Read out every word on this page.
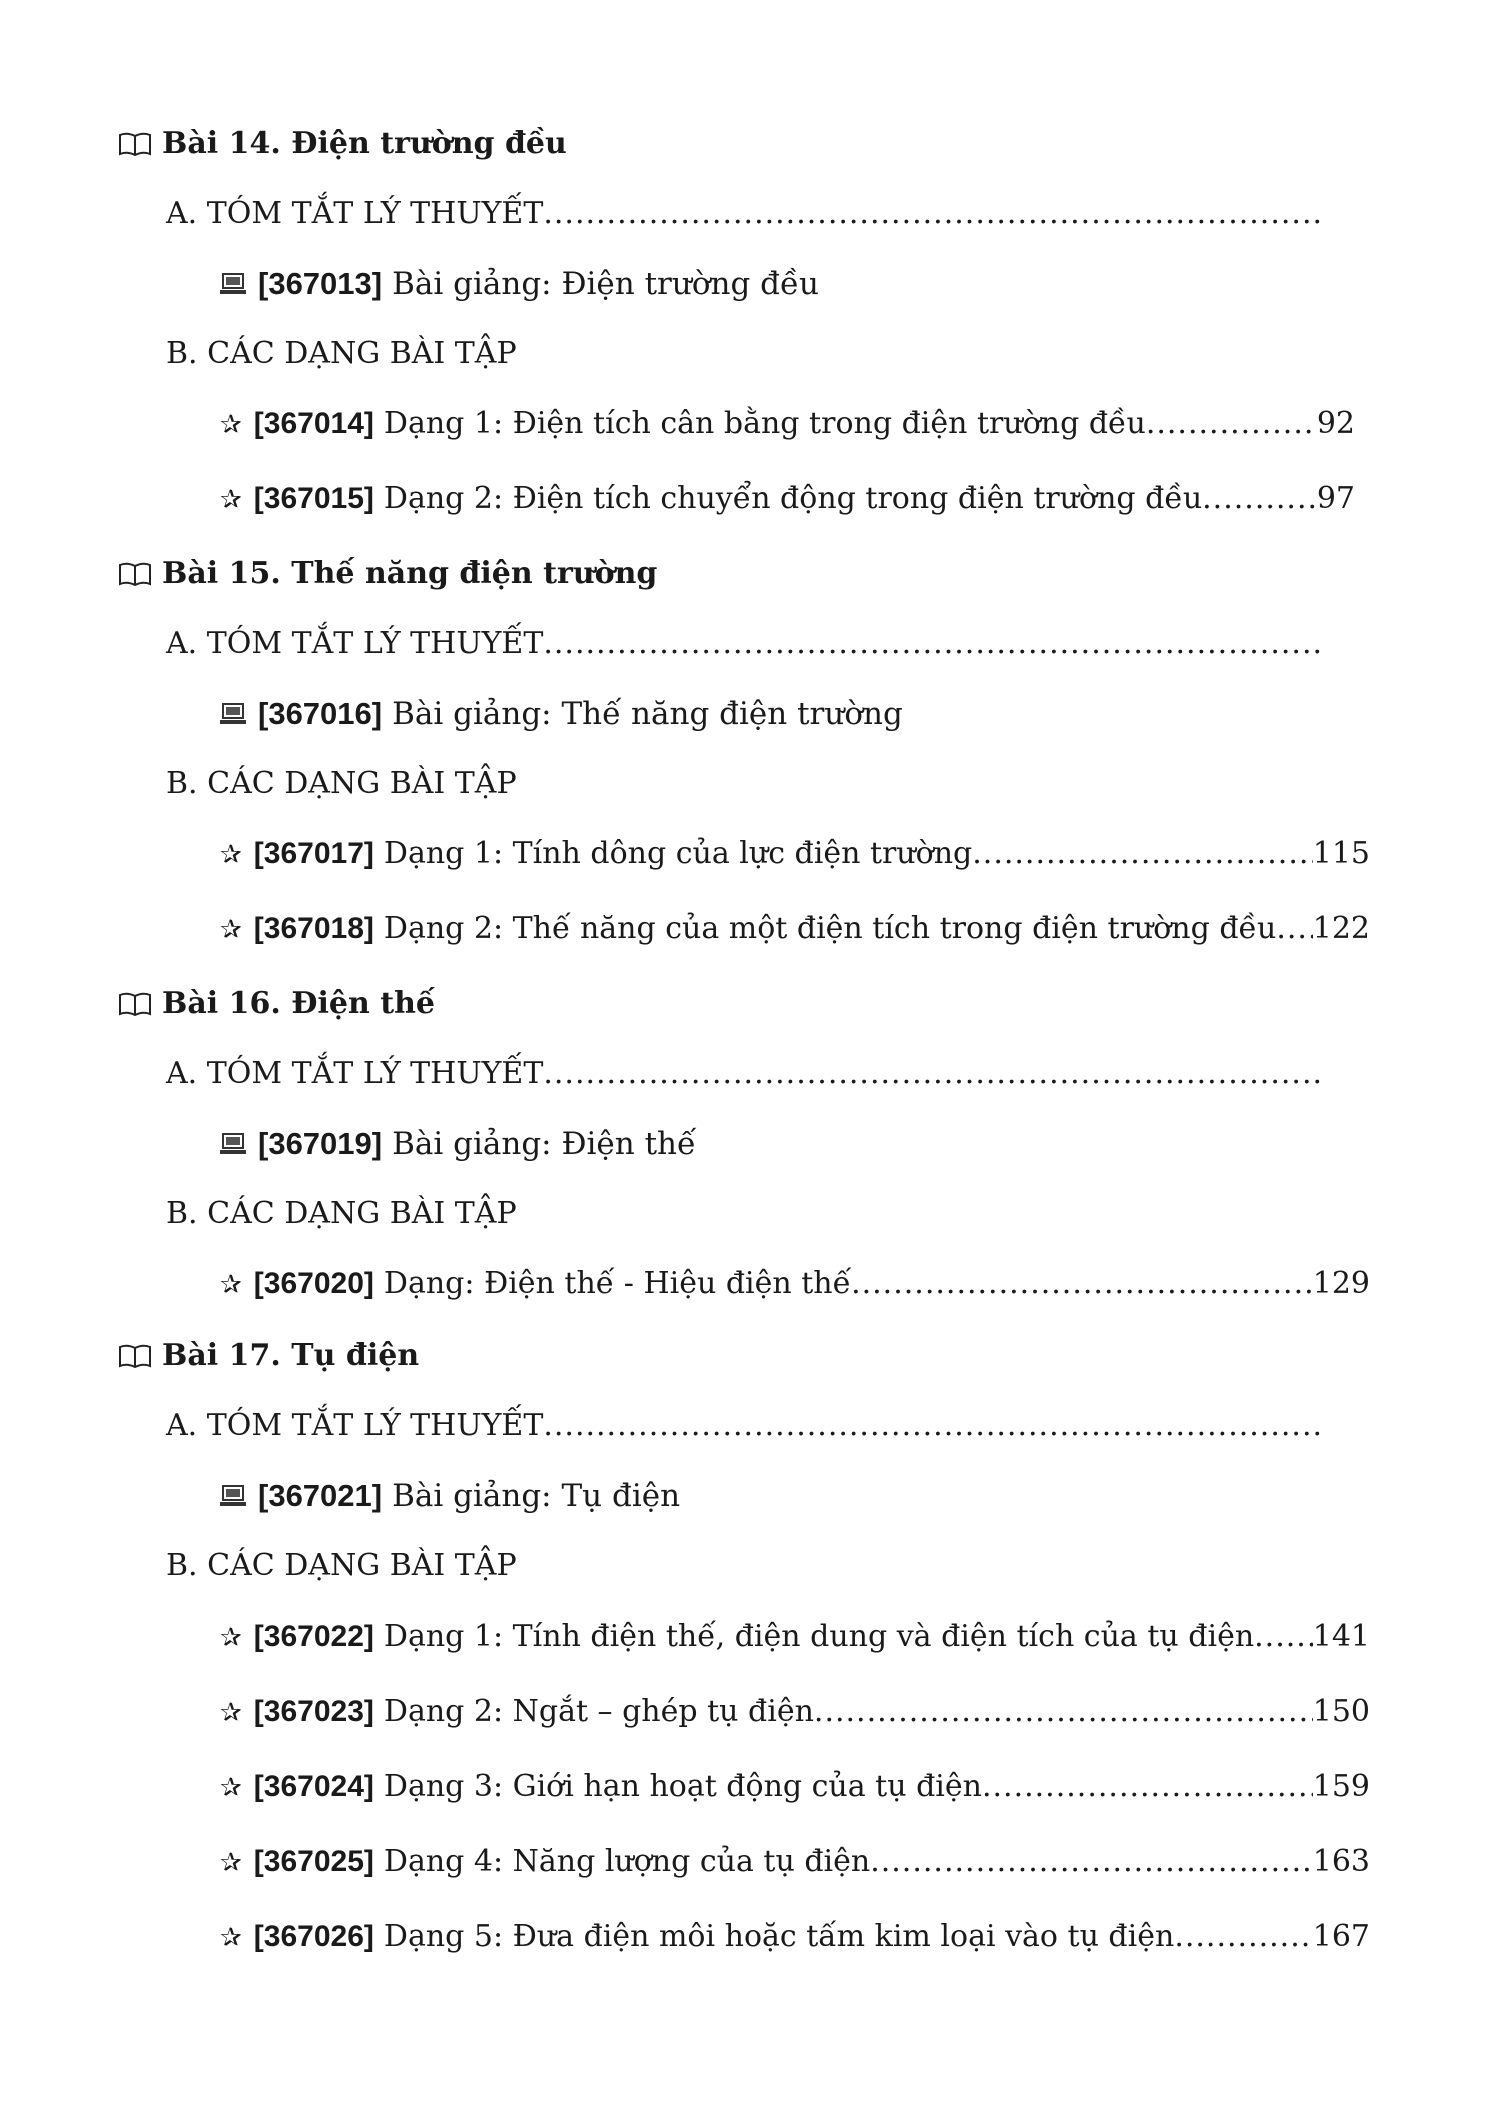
Bài 14. Điện trường đều
A. TÓM TẮT LÝ THUYẾT
.....
[367013] Bài giảng: Điện trường đều
B. CÁC DẠNG BÀI TẬP
✰ [367014] Dạng 1: Điện tích cân bằng trong điện trường đều .....	92
✰ [367015] Dạng 2: Điện tích chuyển động trong điện trường đều .....	97
Bài 15. Thế năng điện trường
A. TÓM TẮT LÝ THUYẾT
.....
[367016] Bài giảng: Thế năng điện trường
B. CÁC DẠNG BÀI TẬP
✰ [367017] Dạng 1: Tính dông của lực điện trường .....	115
✰ [367018] Dạng 2: Thế năng của một điện tích trong điện trường đều ..... 122
Bài 16. Điện thế
A. TÓM TẮT LÝ THUYẾT
.....
[367019] Bài giảng: Điện thế
B. CÁC DẠNG BÀI TẬP
✰ [367020] Dạng: Điện thế - Hiệu điện thế .....	129
Bài 17. Tụ điện
A. TÓM TẮT LÝ THUYẾT
.....
[367021] Bài giảng: Tụ điện
B. CÁC DẠNG BÀI TẬP
✰ [367022] Dạng 1: Tính điện thế, điện dung và điện tích của tụ điện ..... 141
✰ [367023] Dạng 2: Ngắt – ghép tụ điện .....	150
✰ [367024] Dạng 3: Giới hạn hoạt động của tụ điện .....	159
✰ [367025] Dạng 4: Năng lượng của tụ điện .....	163
✰ [367026] Dạng 5: Đưa điện môi hoặc tấm kim loại vào tụ điện .....	167
